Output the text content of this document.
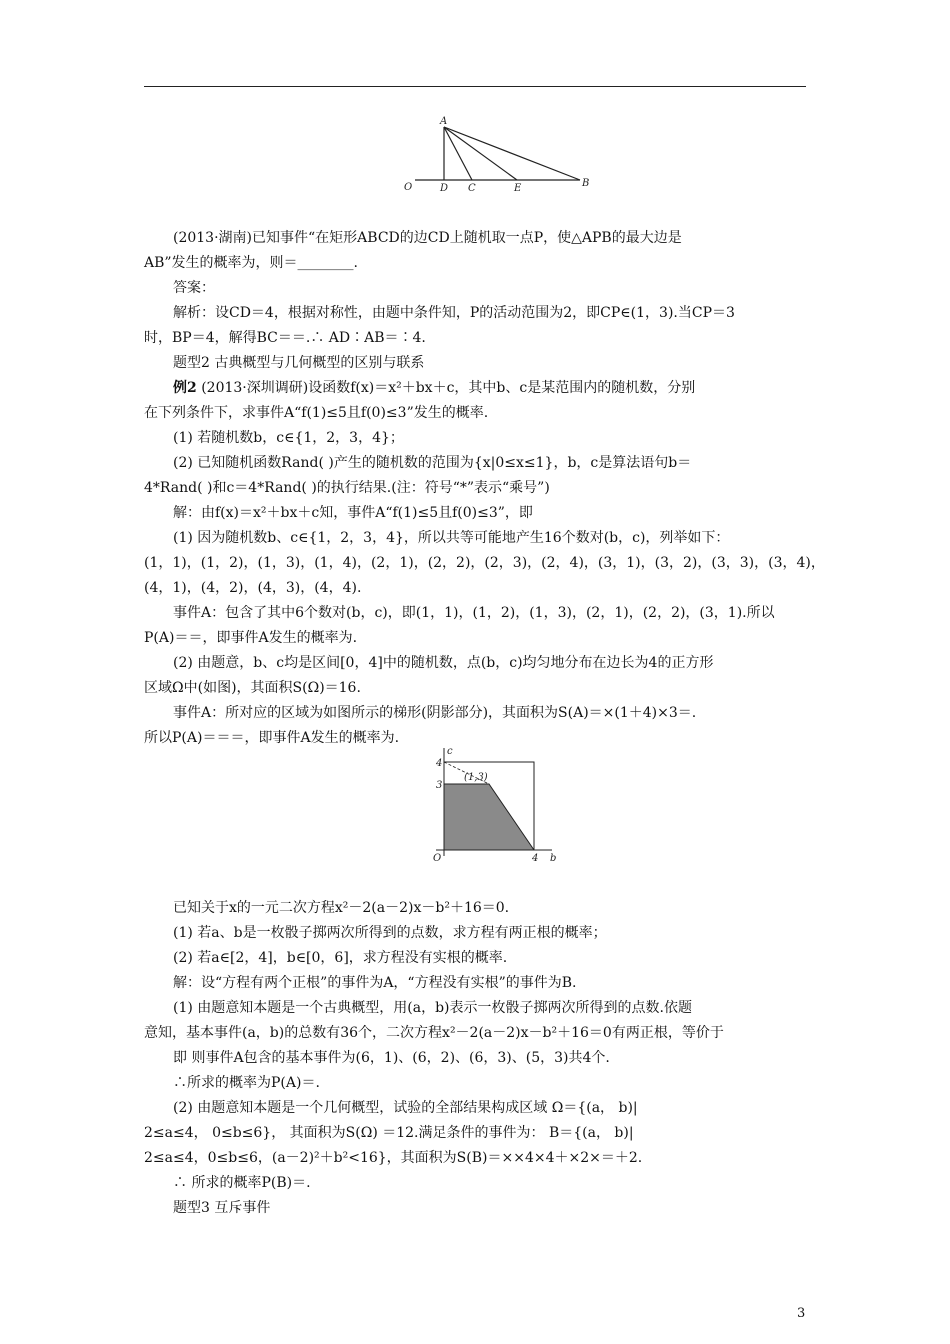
A
O	D C	E	B
(2013·湖南)已知事件“在矩形ABCD的边CD上随机取一点P，使△APB的最大边是
AB”发生的概率为，则＝________.
答案：
解析：设CD＝4，根据对称性，由题中条件知，P的活动范围为2，即CP∈(1，3).当CP＝3
时，BP＝4，解得BC＝＝.∴ AD∶AB＝∶4.
题型2 古典概型与几何概型的区别与联系
例2 (2013·深圳调研)设函数f(x)＝x²＋bx＋c，其中b、c是某范围内的随机数，分别
在下列条件下，求事件A“f(1)≤5且f(0)≤3”发生的概率.
(1) 若随机数b，c∈{1，2，3，4}；
(2) 已知随机函数Rand( )产生的随机数的范围为{x|0≤x≤1}，b，c是算法语句b＝
4*Rand( )和c＝4*Rand( )的执行结果.(注：符号“*”表示“乘号”)
解：由f(x)＝x²＋bx＋c知，事件A“f(1)≤5且f(0)≤3”，即
(1) 因为随机数b、c∈{1，2，3，4}，所以共等可能地产生16个数对(b，c)，列举如下：
(1，1)，(1，2)，(1，3)，(1，4)，(2，1)，(2，2)，(2，3)，(2，4)，(3，1)，(3，2)，(3，3)，(3，4)，
(4，1)，(4，2)，(4，3)，(4，4).
事件A：包含了其中6个数对(b，c)，即(1，1)，(1，2)，(1，3)，(2，1)，(2，2)，(3，1).所以
P(A)＝＝，即事件A发生的概率为.
(2) 由题意，b、c均是区间[0，4]中的随机数，点(b，c)均匀地分布在边长为4的正方形
区域Ω中(如图)，其面积S(Ω)＝16.
事件A：所对应的区域为如图所示的梯形(阴影部分)，其面积为S(A)＝×(1＋4)×3＝.
所以P(A)＝＝＝，即事件A发生的概率为.
c
b
O
4
3
4
(1,3)
已知关于x的一元二次方程x²－2(a－2)x－b²＋16＝0.
(1) 若a、b是一枚骰子掷两次所得到的点数，求方程有两正根的概率；
(2) 若a∈[2，4]，b∈[0，6]，求方程没有实根的概率.
解：设“方程有两个正根”的事件为A，“方程没有实根”的事件为B.
(1) 由题意知本题是一个古典概型，用(a，b)表示一枚骰子掷两次所得到的点数.依题
意知，基本事件(a，b)的总数有36个，二次方程x²－2(a－2)x－b²＋16＝0有两正根，等价于
即 则事件A包含的基本事件为(6，1)、(6，2)、(6，3)、(5，3)共4个.
∴所求的概率为P(A)＝.
(2) 由题意知本题是一个几何概型，试验的全部结果构成区域 Ω＝{(a， b)|
2≤a≤4， 0≤b≤6}， 其面积为S(Ω) ＝12.满足条件的事件为： B＝{(a， b)|
2≤a≤4，0≤b≤6，(a－2)²＋b²<16}，其面积为S(B)＝××4×4＋×2×＝＋2.
∴ 所求的概率P(B)＝.
题型3 互斥事件
3
